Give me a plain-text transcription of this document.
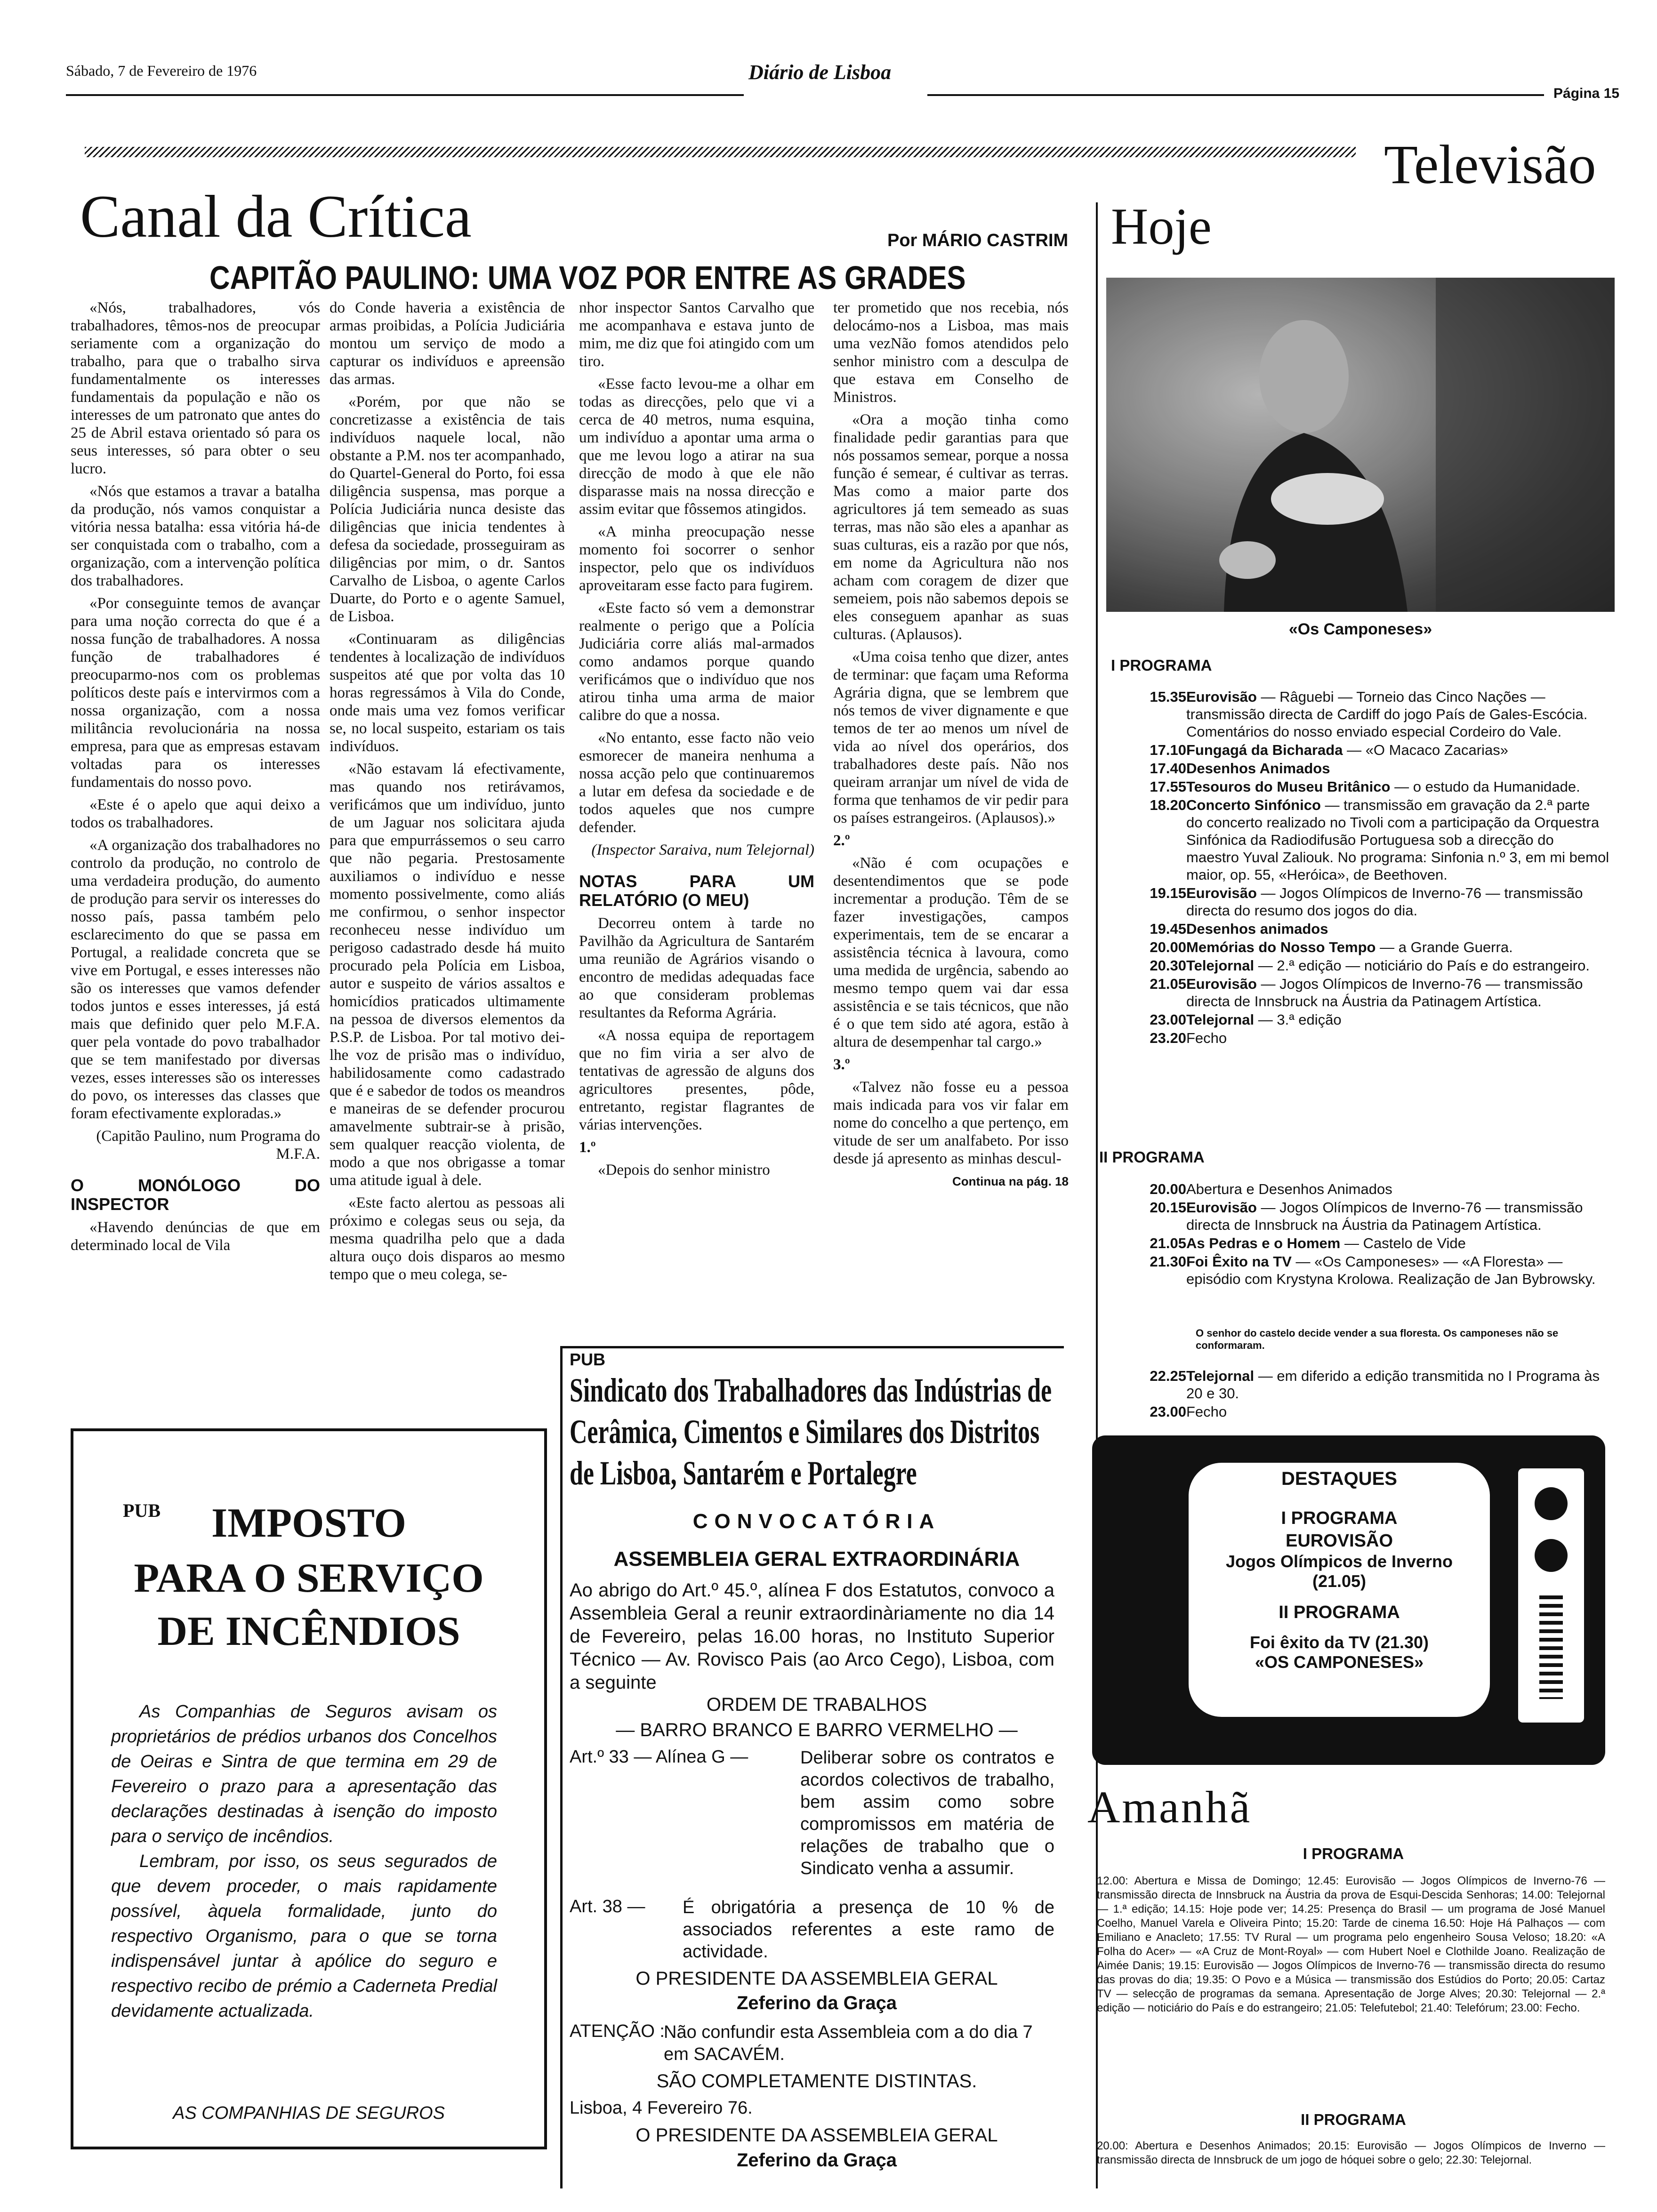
Sábado, 7 de Fevereiro de 1976	Diário de Lisboa
Página 15
Televisão
Canal da Crítica	Por MÁRIO CASTRIM
CAPITÃO PAULINO: UMA VOZ POR ENTRE AS GRADES

«Nós, trabalhadores, vós trabalhadores, têmos-nos de preocupar seriamente com a organização do trabalho, para que o trabalho sirva fundamentalmente os interesses fundamentais da população e não os interesses de um patronato que antes do 25 de Abril estava orientado só para os seus interesses, só para obter o seu lucro.

«Nós que estamos a travar a batalha da produção, nós vamos conquistar a vitória nessa batalha: essa vitória há-de ser conquistada com o trabalho, com a organização, com a intervenção política dos trabalhadores.

«Por conseguinte temos de avançar para uma noção correcta do que é a nossa função de trabalhadores. A nossa função de trabalhadores é preocuparmo-nos com os problemas políticos deste país e intervirmos com a nossa organização, com a nossa militância revolucionária na nossa empresa, para que as empresas estavam voltadas para os interesses fundamentais do nosso povo.

«Este é o apelo que aqui deixo a todos os trabalhadores.

«A organização dos trabalhadores no controlo da produção, no controlo de uma verdadeira produção, do aumento de produção para servir os interesses do nosso país, passa também pelo esclarecimento do que se passa em Portugal, a realidade concreta que se vive em Portugal, e esses interesses não são os interesses que vamos defender todos juntos e esses interesses, já está mais que definido quer pelo M.F.A. quer pela vontade do povo trabalhador que se tem manifestado por diversas vezes, esses interesses são os interesses do povo, os interesses das classes que foram efectivamente exploradas.»

(Capitão Paulino, num Programa do M.F.A.

O MONÓLOGO DO INSPECTOR

«Havendo denúncias de que em determinado local de Vila

do Conde haveria a existência de armas proibidas, a Polícia Judiciária montou um serviço de modo a capturar os indivíduos e apreensão das armas.

«Porém, por que não se concretizasse a existência de tais indivíduos naquele local, não obstante a P.M. nos ter acompanhado, do Quartel-General do Porto, foi essa diligência suspensa, mas porque a Polícia Judiciária nunca desiste das diligências que inicia tendentes à defesa da sociedade, prosseguiram as diligências por mim, o dr. Santos Carvalho de Lisboa, o agente Carlos Duarte, do Porto e o agente Samuel, de Lisboa.

«Continuaram as diligências tendentes à localização de indivíduos suspeitos até que por volta das 10 horas regressámos à Vila do Conde, onde mais uma vez fomos verificar se, no local suspeito, estariam os tais indivíduos.

«Não estavam lá efectivamente, mas quando nos retirávamos, verificámos que um indivíduo, junto de um Jaguar nos solicitara ajuda para que empurrássemos o seu carro que não pegaria. Prestosamente auxiliamos o indivíduo e nesse momento possivelmente, como aliás me confirmou, o senhor inspector reconheceu nesse indivíduo um perigoso cadastrado desde há muito procurado pela Polícia em Lisboa, autor e suspeito de vários assaltos e homicídios praticados ultimamente na pessoa de diversos elementos da P.S.P. de Lisboa. Por tal motivo dei-lhe voz de prisão mas o indivíduo, habilidosamente como cadastrado que é e sabedor de todos os meandros e maneiras de se defender procurou amavelmente subtrair-se à prisão, sem qualquer reacção violenta, de modo a que nos obrigasse a tomar uma atitude igual à dele.

«Este facto alertou as pessoas ali próximo e colegas seus ou seja, da mesma quadrilha pelo que a dada altura ouço dois disparos ao mesmo tempo que o meu colega, se-

nhor inspector Santos Carvalho que me acompanhava e estava junto de mim, me diz que foi atingido com um tiro.

«Esse facto levou-me a olhar em todas as direcções, pelo que vi a cerca de 40 metros, numa esquina, um indivíduo a apontar uma arma o que me levou logo a atirar na sua direcção de modo à que ele não disparasse mais na nossa direcção e assim evitar que fôssemos atingidos.

«A minha preocupação nesse momento foi socorrer o senhor inspector, pelo que os indivíduos aproveitaram esse facto para fugirem.

«Este facto só vem a demonstrar realmente o perigo que a Polícia Judiciária corre aliás mal-armados como andamos porque quando verificámos que o indivíduo que nos atirou tinha uma arma de maior calibre do que a nossa.

«No entanto, esse facto não veio esmorecer de maneira nenhuma a nossa acção pelo que continuaremos a lutar em defesa da sociedade e de todos aqueles que nos cumpre defender.

(Inspector Saraiva, num Telejornal)

NOTAS PARA UM RELATÓRIO (O MEU)

Decorreu ontem à tarde no Pavilhão da Agricultura de Santarém uma reunião de Agrários visando o encontro de medidas adequadas face ao que consideram problemas resultantes da Reforma Agrária.

«A nossa equipa de reportagem que no fim viria a ser alvo de tentativas de agressão de alguns dos agricultores presentes, pôde, entretanto, registar flagrantes de várias intervenções.

1.º

«Depois do senhor ministro

ter prometido que nos recebia, nós delocámo-nos a Lisboa, mas mais uma vezNão fomos atendidos pelo senhor ministro com a desculpa de que estava em Conselho de Ministros.

«Ora a moção tinha como finalidade pedir garantias para que nós possamos semear, porque a nossa função é semear, é cultivar as terras. Mas como a maior parte dos agricultores já tem semeado as suas terras, mas não são eles a apanhar as suas culturas, eis a razão por que nós, em nome da Agricultura não nos acham com coragem de dizer que semeiem, pois não sabemos depois se eles conseguem apanhar as suas culturas. (Aplausos).

«Uma coisa tenho que dizer, antes de terminar: que façam uma Reforma Agrária digna, que se lembrem que nós temos de viver dignamente e que temos de ter ao menos um nível de vida ao nível dos operários, dos trabalhadores deste país. Não nos queiram arranjar um nível de vida de forma que tenhamos de vir pedir para os países estrangeiros. (Aplausos).»

2.º

«Não é com ocupações e desentendimentos que se pode incrementar a produção. Têm de se fazer investigações, campos experimentais, tem de se encarar a assistência técnica à lavoura, como uma medida de urgência, sabendo ao mesmo tempo quem vai dar essa assistência e se tais técnicos, que não é o que tem sido até agora, estão à altura de desempenhar tal cargo.»

3.º

«Talvez não fosse eu a pessoa mais indicada para vos vir falar em nome do concelho a que pertenço, em vitude de ser um analfabeto. Por isso desde já apresento as minhas descul-

Continua na pág. 18

PUB	IMPOSTO
PARA O SERVIÇO
DE INCÊNDIOS

As Companhias de Seguros avisam os proprietários de prédios urbanos dos Concelhos de Oeiras e Sintra de que termina em 29 de Fevereiro o prazo para a apresentação das declarações destinadas à isenção do imposto para o serviço de incêndios.

Lembram, por isso, os seus segurados de que devem proceder, o mais rapidamente possível, àquela formalidade, junto do respectivo Organismo, para o que se torna indispensável juntar à apólice do seguro e respectivo recibo de prémio a Caderneta Predial devidamente actualizada.

AS COMPANHIAS DE SEGUROS
PUB
Sindicato dos Trabalhadores das Indústrias de Cerâmica, Cimentos e Similares dos Distritos de Lisboa, Santarém e Portalegre
CONVOCATÓRIA
ASSEMBLEIA GERAL EXTRAORDINÁRIA
Ao abrigo do Art.º 45.º, alínea F dos Estatutos, convoco a Assembleia Geral a reunir extraordinàriamente no dia 14 de Fevereiro, pelas 16.00 horas, no Instituto Superior Técnico — Av. Rovisco Pais (ao Arco Cego), Lisboa, com a seguinte
ORDEM DE TRABALHOS
— BARRO BRANCO E BARRO VERMELHO —
Art.º 33 — Alínea G —	Deliberar sobre os contratos e acordos colectivos de trabalho, bem assim como sobre compromissos em matéria de relações de trabalho que o Sindicato venha a assumir.
Art. 38 — É obrigatória a presença de 10 % de associados referentes a este ramo de actividade.
O PRESIDENTE DA ASSEMBLEIA GERAL
Zeferino da Graça
ATENÇÃO :
Não confundir esta Assembleia com a do dia 7 em SACAVÉM.
SÃO COMPLETAMENTE DISTINTAS.
Lisboa, 4 Fevereiro 76.
O PRESIDENTE DA ASSEMBLEIA GERAL
Zeferino da Graça
Hoje
«Os Camponeses»
I PROGRAMA
15.35 Eurovisão — Râguebi — Torneio das Cinco Nações — transmissão directa de Cardiff do jogo País de Gales-Escócia. Comentários do nosso enviado especial Cordeiro do Vale.
17.10 Fungagá da Bicharada — «O Macaco Zacarias»
17.40 Desenhos Animados
17.55 Tesouros do Museu Britânico — o estudo da Humanidade.
18.20 Concerto Sinfónico — transmissão em gravação da 2.ª parte do concerto realizado no Tivoli com a participação da Orquestra Sinfónica da Radiodifusão Portuguesa sob a direcção do maestro Yuval Zaliouk. No programa: Sinfonia n.º 3, em mi bemol maior, op. 55, «Heróica», de Beethoven.
19.15 Eurovisão — Jogos Olímpicos de Inverno-76 — transmissão directa do resumo dos jogos do dia.
19.45 Desenhos animados
20.00 Memórias do Nosso Tempo — a Grande Guerra.
20.30 Telejornal — 2.ª edição — noticiário do País e do estrangeiro.
21.05 Eurovisão — Jogos Olímpicos de Inverno-76 — transmissão directa de Innsbruck na Áustria da Patinagem Artística.
23.00 Telejornal — 3.ª edição
23.20 Fecho
II PROGRAMA
20.00 Abertura e Desenhos Animados
20.15 Eurovisão — Jogos Olímpicos de Inverno-76 — transmissão directa de Innsbruck na Áustria da Patinagem Artística.
21.05 As Pedras e o Homem — Castelo de Vide
21.30 Foi Êxito na TV — «Os Camponeses» — «A Floresta» — episódio com Krystyna Krolowa. Realização de Jan Bybrowsky.
O senhor do castelo decide vender a sua floresta. Os camponeses não se conformaram.
22.25 Telejornal — em diferido a edição transmitida no I Programa às 20 e 30.
23.00 Fecho
DESTAQUES
I PROGRAMA
EUROVISÃO
Jogos Olímpicos de Inverno
(21.05)
II PROGRAMA
Foi êxito da TV (21.30)
«OS CAMPONESES»
Amanhã
I PROGRAMA
12.00: Abertura e Missa de Domingo; 12.45: Eurovisão — Jogos Olímpicos de Inverno-76 — transmissão directa de Innsbruck na Áustria da prova de Esqui-Descida Senhoras; 14.00: Telejornal — 1.ª edição; 14.15: Hoje pode ver; 14.25: Presença do Brasil — um programa de José Manuel Coelho, Manuel Varela e Oliveira Pinto; 15.20: Tarde de cinema 16.50: Hoje Há Palhaços — com Emiliano e Anacleto; 17.55: TV Rural — um programa pelo engenheiro Sousa Veloso; 18.20: «A Folha do Acer» — «A Cruz de Mont-Royal» — com Hubert Noel e Clothilde Joano. Realização de Aimée Danis; 19.15: Eurovisão — Jogos Olímpicos de Inverno-76 — transmissão directa do resumo das provas do dia; 19.35: O Povo e a Música — transmissão dos Estúdios do Porto; 20.05: Cartaz TV — selecção de programas da semana. Apresentação de Jorge Alves; 20.30: Telejornal — 2.ª edição — noticiário do País e do estrangeiro; 21.05: Telefutebol; 21.40: Telefórum; 23.00: Fecho.
II PROGRAMA
20.00: Abertura e Desenhos Animados; 20.15: Eurovisão — Jogos Olímpicos de Inverno — transmissão directa de Innsbruck de um jogo de hóquei sobre o gelo; 22.30: Telejornal.
